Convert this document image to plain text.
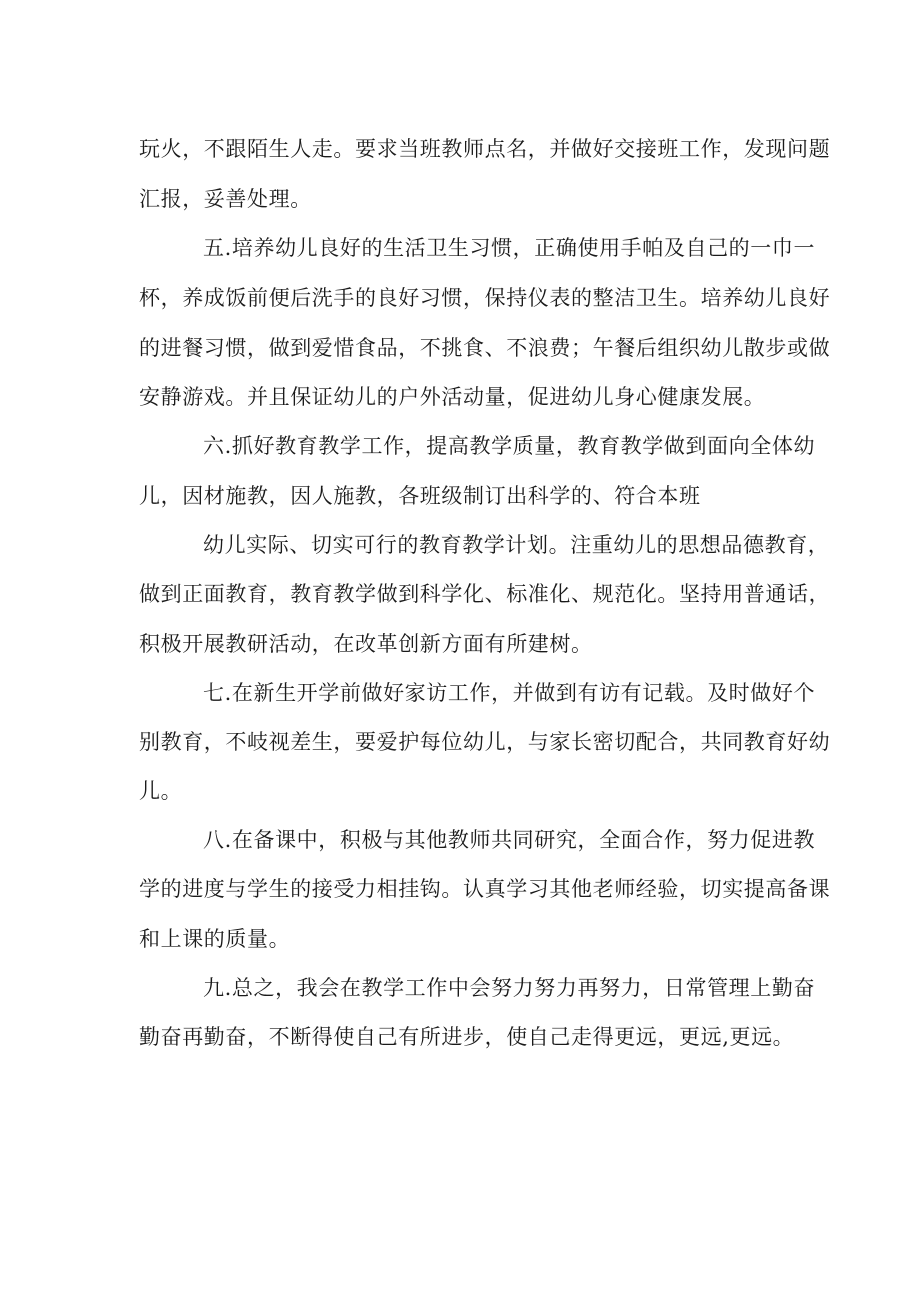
玩火，不跟陌生人走。要求当班教师点名，并做好交接班工作，发现问题
汇报，妥善处理。
五.培养幼儿良好的生活卫生习惯，正确使用手帕及自己的一巾一
杯，养成饭前便后洗手的良好习惯，保持仪表的整洁卫生。培养幼儿良好
的进餐习惯，做到爱惜食品，不挑食、不浪费；午餐后组织幼儿散步或做
安静游戏。并且保证幼儿的户外活动量，促进幼儿身心健康发展。
六.抓好教育教学工作，提高教学质量，教育教学做到面向全体幼
儿，因材施教，因人施教，各班级制订出科学的、符合本班
幼儿实际、切实可行的教育教学计划。注重幼儿的思想品德教育，
做到正面教育，教育教学做到科学化、标准化、规范化。坚持用普通话，
积极开展教研活动，在改革创新方面有所建树。
七.在新生开学前做好家访工作，并做到有访有记载。及时做好个
别教育，不岐视差生，要爱护每位幼儿，与家长密切配合，共同教育好幼
儿。
八.在备课中，积极与其他教师共同研究，全面合作，努力促进教
学的进度与学生的接受力相挂钩。认真学习其他老师经验，切实提高备课
和上课的质量。
九.总之，我会在教学工作中会努力努力再努力，日常管理上勤奋
勤奋再勤奋，不断得使自己有所进步，使自己走得更远，更远,更远。
